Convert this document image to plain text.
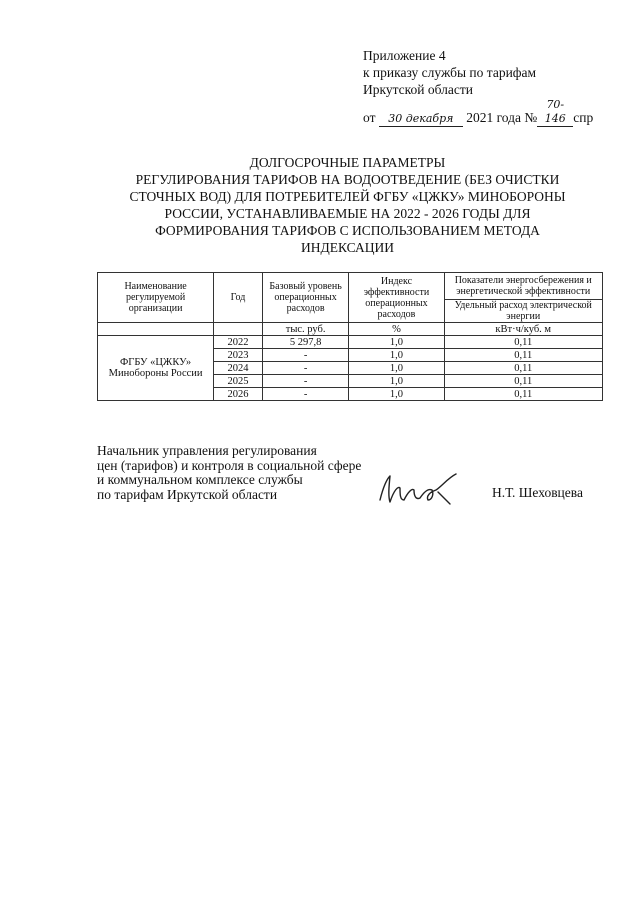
Приложение 4
к приказу службы по тарифам
Иркутской области
от 30 декабря 2021 года №70-146 спр
ДОЛГОСРОЧНЫЕ ПАРАМЕТРЫ
РЕГУЛИРОВАНИЯ ТАРИФОВ НА ВОДООТВЕДЕНИЕ (БЕЗ ОЧИСТКИ
СТОЧНЫХ ВОД) ДЛЯ ПОТРЕБИТЕЛЕЙ ФГБУ «ЦЖКУ» МИНОБОРОНЫ
РОССИИ, УСТАНАВЛИВАЕМЫЕ НА 2022 - 2026 ГОДЫ ДЛЯ
ФОРМИРОВАНИЯ ТАРИФОВ С ИСПОЛЬЗОВАНИЕМ МЕТОДА
ИНДЕКСАЦИИ
Наименование регулируемой организации	Год	Базовый уровень операционных расходов	Индекс эффективности операционных расходов	Показатели энергосбережения и энергетической эффективности
				Удельный расход электрической энергии
		тыс. руб.	%	кВт·ч/куб. м
ФГБУ «ЦЖКУ» Минобороны России	2022	5 297,8	1,0	0,11
	2023	-	1,0	0,11
	2024	-	1,0	0,11
	2025	-	1,0	0,11
	2026	-	1,0	0,11
Начальник управления регулирования
цен (тарифов) и контроля в социальной сфере
и коммунальном комплексе службы
по тарифам Иркутской области	Н.Т. Шеховцева
